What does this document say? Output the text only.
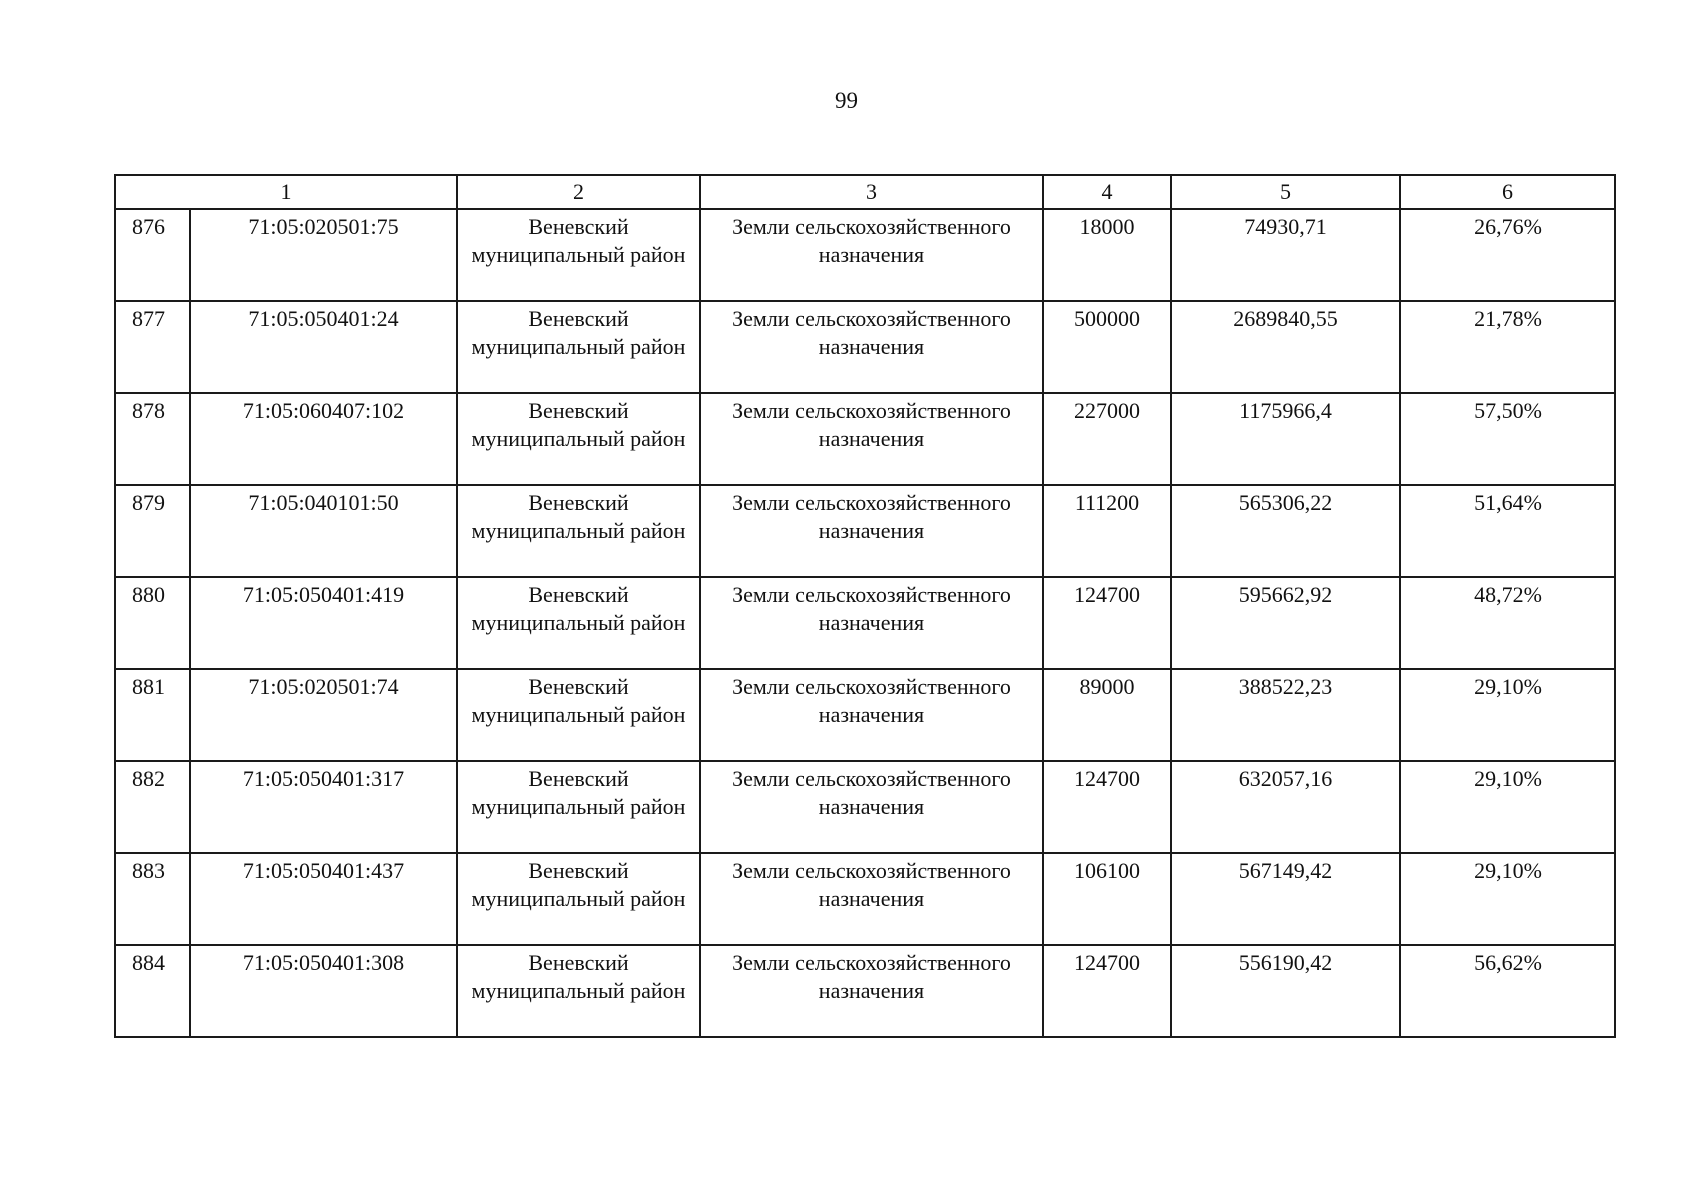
99
1		2	3	4	5	6
876	71:05:020501:75	Веневский муниципальный район	Земли сельскохозяйственного назначения	18000	74930,71	26,76%
877	71:05:050401:24	Веневский муниципальный район	Земли сельскохозяйственного назначения	500000	2689840,55	21,78%
878	71:05:060407:102	Веневский муниципальный район	Земли сельскохозяйственного назначения	227000	1175966,4	57,50%
879	71:05:040101:50	Веневский муниципальный район	Земли сельскохозяйственного назначения	111200	565306,22	51,64%
880	71:05:050401:419	Веневский муниципальный район	Земли сельскохозяйственного назначения	124700	595662,92	48,72%
881	71:05:020501:74	Веневский муниципальный район	Земли сельскохозяйственного назначения	89000	388522,23	29,10%
882	71:05:050401:317	Веневский муниципальный район	Земли сельскохозяйственного назначения	124700	632057,16	29,10%
883	71:05:050401:437	Веневский муниципальный район	Земли сельскохозяйственного назначения	106100	567149,42	29,10%
884	71:05:050401:308	Веневский муниципальный район	Земли сельскохозяйственного назначения	124700	556190,42	56,62%
